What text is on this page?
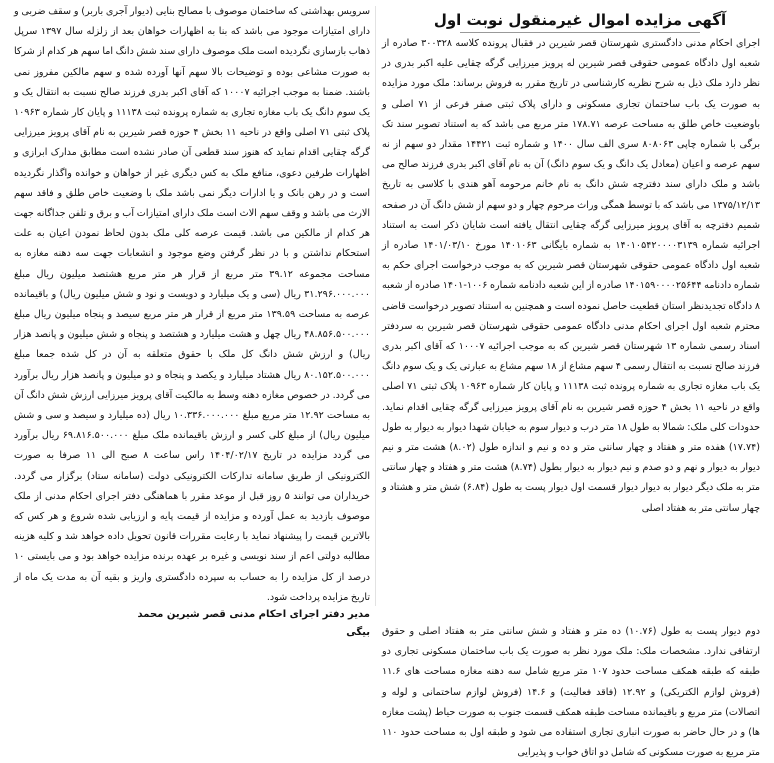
آگهی مزایده اموال غیرمنقول نوبت اول
اجرای احکام مدنی دادگستری شهرستان قصر شیرین در فقبال پرونده کلاسه ۳۰۰۳۲۸ صادره از شعبه اول دادگاه عمومی حقوقی قصر شیرین له پرویز میرزایی گرگه چقایی علیه اکبر بدری در نظر دارد ملک ذیل به شرح نظریه کارشناسی در تاریخ مقرر به فروش برساند: ملک مورد مزایده به صورت یک باب ساختمان تجاری مسکونی و دارای پلاک ثبتی صفر فرعی از ۷۱ اصلی و باوضعیت خاص طلق به مساحت عرصه ۱۷۸.۷۱ متر مربع می باشد که به استناد تصویر سند تک برگی با شماره چاپی ۸۰۸۰۶۳ سری الف سال ۱۴۰۰ و شماره ثبت ۱۴۴۲۱ مقدار دو سهم از نه سهم عرصه و اعیان (معادل یک دانگ و یک سوم دانگ) آن به نام آقای اکبر بدری فرزند صالح می باشد و ملک دارای سند دفترچه شش دانگ به نام خانم مرحومه آهو هندی با کلاسی به تاریخ ۱۳۷۵/۱۲/۱۳ می باشد که با توسط همگی وراث مرحوم چهار و دو سهم از شش دانگ آن در صفحه شمیم دفترچه به آقای پرویز میرزایی گرگه چقایی انتقال یافته است شایان ذکر است به استناد اجرائیه شماره ۱۴۰۱۰۵۴۲۰۰۰۰۳۱۳۹ به شماره بایگانی ۱۴۰۱۰۶۳ مورخ ۱۴۰۱/۰۳/۱۰ صادره از شعبه اول دادگاه عمومی حقوقی شهرستان قصر شیرین که به موجب درخواست اجرای حکم به شماره دادنامه ۱۴۰۱۵۹۰۰۰۰۲۵۶۴۴ صادره از این شعبه دادنامه شماره ۱۰۰۶-۱۴۰۱ صادره از شعبه ۸ دادگاه تجدیدنظر استان قطعیت حاصل نموده است و همچنین به استناد تصویر درخواست قاضی محترم شعبه اول اجرای احکام مدنی دادگاه عمومی حقوقی شهرستان قصر شیرین به سردفتر اسناد رسمی شماره ۱۳ شهرستان قصر شیرین که به موجب اجرائیه ۱۰۰۰۷ که آقای اکبر بدری فرزند صالح نسبت به انتقال رسمی ۴ سهم مشاع از ۱۸ سهم مشاع به عبارتی یک و یک سوم دانگ یک باب مغازه تجاری به شماره پرونده ثبت ۱۱۱۳۸ و پایان کار شماره ۱۰۹۶۳ پلاک ثبتی ۷۱ اصلی واقع در ناحیه ۱۱ بخش ۴ حوزه قصر شیرین به نام آقای پرویز میرزایی گرگه چقایی اقدام نماید. حدودات کلی ملک: شمالا به طول ۱۸ متر درب و دیوار سوم به خیابان شهدا دیوار به دیوار به طول (۱۷.۷۴) هفده متر و هفتاد و چهار سانتی متر و ده و نیم و اندازه طول (۸.۰۲) هشت متر و نیم دیوار به دیوار و نهم و دو صدم و نیم دیوار به دیوار بطول (۸.۷۴) هشت متر و هفتاد و چهار سانتی متر به ملک دیگر دیوار به دیوار دیوار قسمت اول دیوار پست به طول (۶.۸۴) شش متر و هشتاد و چهار سانتی متر به هفتاد اصلی
دوم دیوار پست به طول (۱۰.۷۶) ده متر و هفتاد و شش سانتی متر به هفتاد اصلی و حقوق ارتفاقی ندارد. مشخصات ملک: ملک مورد نظر به صورت یک باب ساختمان مسکونی تجاری دو طبقه که طبقه همکف مساحت حدود ۱۰۷ متر مربع شامل سه دهنه مغازه مساحت های ۱۱.۶ (فروش لوازم الکتریکی) و ۱۲.۹۲ (فاقد فعالیت) و ۱۴.۶ (فروش لوازم ساختمانی و لوله و اتصالات) متر مربع و باقیمانده مساحت طبقه همکف قسمت جنوب به صورت حیاط (پشت مغازه ها) و در حال حاضر به صورت انباری تجاری استفاده می شود و طبقه اول به مساحت حدود ۱۱۰ متر مربع به صورت مسکونی که شامل دو اتاق خواب و پذیرایی
سرویس بهداشتی که ساختمان موصوف با مصالح بنایی (دیوار آجری باربر) و سقف ضربی و دارای امتیازات موجود می باشد که بنا به اظهارات خواهان بعد از زلزله سال ۱۳۹۷ سرپل ذهاب بازسازی نگردیده است ملک موصوف دارای سند شش دانگ اما سهم هر کدام از شرکا به صورت مشاعی بوده و توضیحات بالا سهم آنها آورده شده و سهم مالکین مفروز نمی باشند. ضمنا به موجب اجرائیه ۱۰۰۰۷ که آقای اکبر بدری فرزند صالح نسبت به انتقال یک و یک سوم دانگ یک باب مغازه تجاری به شماره پرونده ثبت ۱۱۱۳۸ و پایان کار شماره ۱۰۹۶۳ پلاک ثبتی ۷۱ اصلی واقع در ناحیه ۱۱ بخش ۴ حوزه قصر شیرین به نام آقای پرویز میرزایی گرگه چقایی اقدام نماید که هنوز سند قطعی آن صادر نشده است مطابق مدارک ابرازی و اظهارات طرفین دعوی، منافع ملک به کس دیگری غیر از خواهان و خوانده واگذار نگردیده است و در رهن بانک و یا ادارات دیگر نمی باشد ملک با وضعیت خاص طلق و فاقد سهم الارث می باشد و وقف سهم الاث است ملک دارای امتیازات آب و برق و تلفن جداگانه جهت هر کدام از مالکین می باشد. قیمت عرصه کلی ملک بدون لحاظ نمودن اعیان به علت استحکام نداشتن و با در نظر گرفتن وضع موجود و انشعابات جهت سه دهنه مغازه به مساحت مجموعه ۳۹.۱۲ متر مربع از قرار هر متر مربع هشتصد میلیون ریال مبلغ ۳۱.۲۹۶.۰۰۰.۰۰۰ ریال (سی و یک میلیارد و دویست و نود و شش میلیون ریال) و باقیمانده عرصه به مساحت ۱۳۹.۵۹ متر مربع از قرار هر متر مربع سیصد و پنجاه میلیون ریال مبلغ ۴۸.۸۵۶.۵۰۰.۰۰۰ ریال چهل و هشت میلیارد و هشتصد و پنجاه و شش میلیون و پانصد هزار ریال) و ارزش شش دانگ کل ملک با حقوق متعلقه به آن در کل شده جمعا مبلغ ۸۰.۱۵۲.۵۰۰.۰۰۰ ریال هشتاد میلیارد و یکصد و پنجاه و دو میلیون و پانصد هزار ریال برآورد می گردد. در خصوص مغازه دهنه وسط به مالکیت آقای پرویز میرزایی ارزش شش دانگ آن به مساحت ۱۲.۹۲ متر مربع مبلغ ۱۰.۳۳۶.۰۰۰.۰۰۰ ریال (ده میلیارد و سیصد و سی و شش میلیون ریال) از مبلغ کلی کسر و ارزش باقیمانده ملک مبلغ ۶۹.۸۱۶.۵۰۰.۰۰۰ ریال برآورد می گردد مزایده در تاریخ ۱۴۰۴/۰۲/۱۷ راس ساعت ۸ صبح الی ۱۱ صرفا به صورت الکترونیکی از طریق سامانه تدارکات الکترونیکی دولت (سامانه ستاد) برگزار می گردد. خریداران می توانند ۵ روز قبل از موعد مقرر با هماهنگی دفتر اجرای احکام مدنی از ملک موصوف بازدید به عمل آورده و مزایده از قیمت پایه و ارزیابی شده شروع و هر کس که بالاترین قیمت را پیشنهاد نماید با رعایت مقررات قانون تحویل داده خواهد شد و کلیه هزینه مطالبه دولتی اعم از سند نویسی و غیره بر عهده برنده مزایده خواهد بود و می بایستی ۱۰ درصد از کل مزایده را به حساب به سپرده دادگستری واریز و بقیه آن به مدت یک ماه از تاریخ مزایده پرداخت شود.
مدیر دفتر اجرای احکام مدنی قصر شیرین محمد بیگی
